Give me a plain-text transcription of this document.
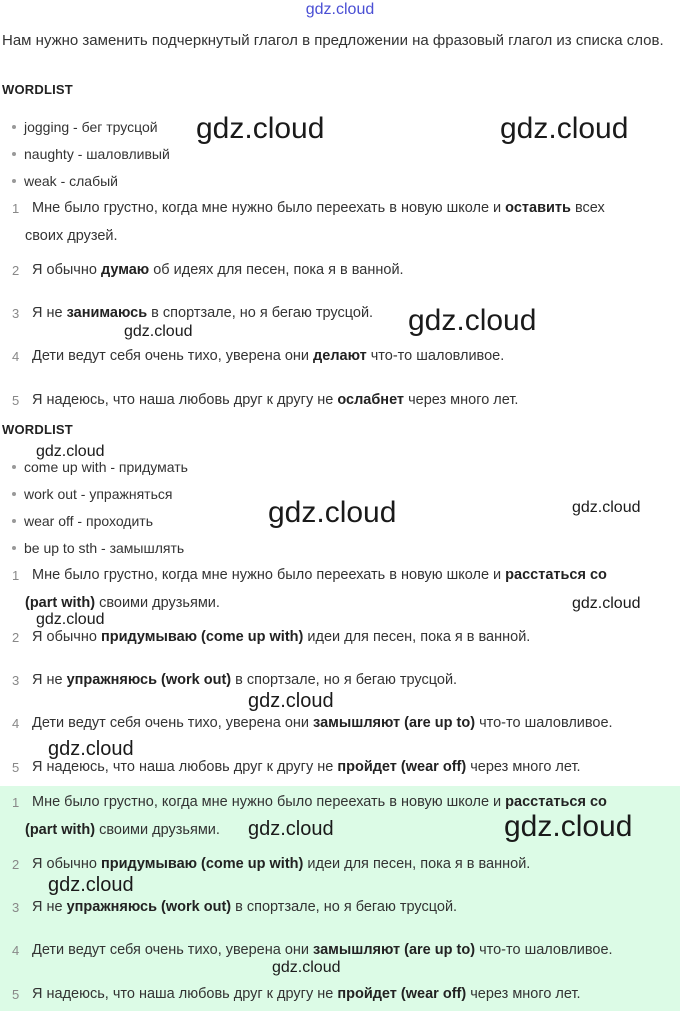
gdz.cloud
Нам нужно заменить подчеркнутый глагол в предложении на фразовый глагол из списка слов.
WORDLIST
jogging - бег трусцой
naughty - шаловливый
weak - слабый
1 Мне было грустно, когда мне нужно было переехать в новую школе и оставить всех
своих друзей.
2 Я обычно думаю об идеях для песен, пока я в ванной.
3 Я не занимаюсь в спортзале, но я бегаю трусцой.
4 Дети ведут себя очень тихо, уверена они делают что-то шаловливое.
5 Я надеюсь, что наша любовь друг к другу не ослабнет через много лет.
WORDLIST
come up with - придумать
work out - упражняться
wear off - проходить
be up to sth - замышлять
1 Мне было грустно, когда мне нужно было переехать в новую школе и расстаться со
(part with) своими друзьями.
2 Я обычно придумываю (come up with) идеи для песен, пока я в ванной.
3 Я не упражняюсь (work out) в спортзале, но я бегаю трусцой.
4 Дети ведут себя очень тихо, уверена они замышляют (are up to) что-то шаловливое.
5 Я надеюсь, что наша любовь друг к другу не пройдет (wear off) через много лет.
1 Мне было грустно, когда мне нужно было переехать в новую школе и расстаться со
(part with) своими друзьями.
2 Я обычно придумываю (come up with) идеи для песен, пока я в ванной.
3 Я не упражняюсь (work out) в спортзале, но я бегаю трусцой.
4 Дети ведут себя очень тихо, уверена они замышляют (are up to) что-то шаловливое.
5 Я надеюсь, что наша любовь друг к другу не пройдет (wear off) через много лет.
gdz.cloud	gdz.cloud
gdz.cloud	gdz.cloud
gdz.cloud
gdz.cloud	gdz.cloud
gdz.cloud
gdz.cloud
gdz.cloud
gdz.cloud
gdz.cloud	gdz.cloud
gdz.cloud
gdz.cloud
